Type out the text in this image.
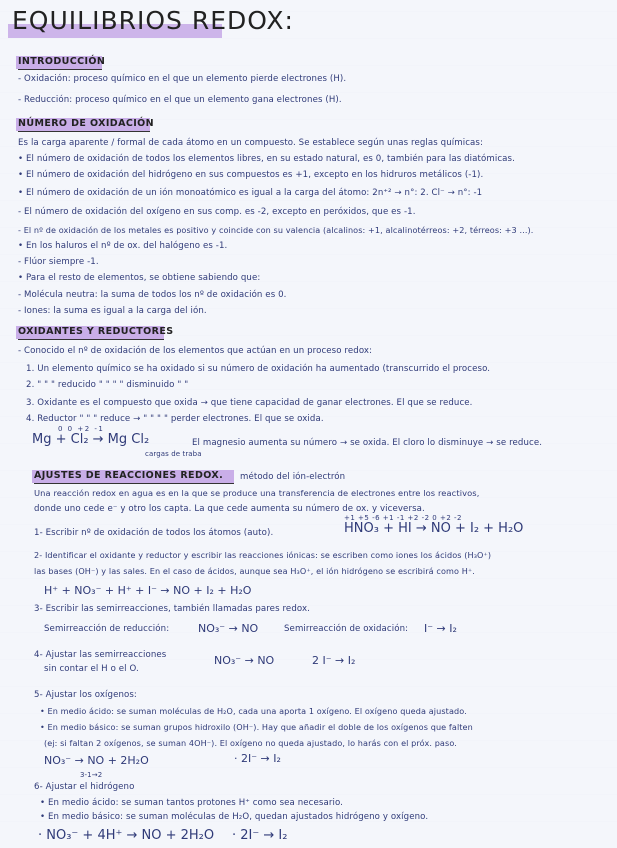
EQUILIBRIOS REDOX:
INTRODUCCIÓN
- Oxidación: proceso químico en el que un elemento pierde electrones (H).
- Reducción: proceso químico en el que un elemento gana electrones (H).
NÚMERO DE OXIDACIÓN
Es la carga aparente / formal de cada átomo en un compuesto. Se establece según unas reglas químicas:
• El número de oxidación de todos los elementos libres, en su estado natural, es 0, también para las diatómicas.
• El número de oxidación del hidrógeno en sus compuestos es +1, excepto en los hidruros metálicos (-1).
• El número de oxidación de un ión monoatómico es igual a la carga del átomo: 2n⁺² → n°: 2. Cl⁻ → n°: -1
- El número de oxidación del oxígeno en sus comp. es -2, excepto en peróxidos, que es -1.
- El nº de oxidación de los metales es positivo y coincide con su valencia (alcalinos: +1, alcalinotérreos: +2, térreos: +3 ...).
• En los haluros el nº de ox. del halógeno es -1.
- Flúor siempre -1.
• Para el resto de elementos, se obtiene sabiendo que:
- Molécula neutra: la suma de todos los nº de oxidación es 0.
- Iones: la suma es igual a la carga del ión.
OXIDANTES Y REDUCTORES
- Conocido el nº de oxidación de los elementos que actúan en un proceso redox:
1. Un elemento químico se ha oxidado si su número de oxidación ha aumentado (transcurrido el proceso.
2. " " " reducido " " " " disminuido " "
3. Oxidante es el compuesto que oxida → que tiene capacidad de ganar electrones. El que se reduce.
4. Reductor " " " reduce → " " " " perder electrones. El que se oxida.
0 0 +2 -1
Mg + Cl₂ → Mg Cl₂	El magnesio aumenta su número → se oxida. El cloro lo disminuye → se reduce.
cargas de traba
AJUSTES DE REACCIONES REDOX. método del ión-electrón
Una reacción redox en agua es en la que se produce una transferencia de electrones entre los reactivos,
donde uno cede e⁻ y otro los capta. La que cede aumenta su número de ox. y viceversa.
+1 +5 -6 +1 -1 +2 -2 0 +2 -2
1- Escribir nº de oxidación de todos los átomos (auto).	HNO₃ + HI → NO + I₂ + H₂O
2- Identificar el oxidante y reductor y escribir las reacciones iónicas: se escriben como iones los ácidos (H₃O⁺)
las bases (OH⁻) y las sales. En el caso de ácidos, aunque sea H₃O⁺, el ión hidrógeno se escribirá como H⁺.
H⁺ + NO₃⁻ + H⁺ + I⁻ → NO + I₂ + H₂O
3- Escribir las semirreacciones, también llamadas pares redox.
Semirreacción de reducción:	NO₃⁻ → NO	Semirreacción de oxidación: I⁻ → I₂
4- Ajustar las semirreacciones
sin contar el H o el O.
NO₃⁻ → NO	2 I⁻ → I₂
5- Ajustar los oxígenos:
• En medio ácido: se suman moléculas de H₂O, cada una aporta 1 oxígeno. El oxígeno queda ajustado.
• En medio básico: se suman grupos hidroxilo (OH⁻). Hay que añadir el doble de los oxígenos que falten
(ej: si faltan 2 oxígenos, se suman 4OH⁻). El oxígeno no queda ajustado, lo harás con el próx. paso.
NO₃⁻ → NO + 2H₂O
3-1→2
· 2I⁻ → I₂
6- Ajustar el hidrógeno
• En medio ácido: se suman tantos protones H⁺ como sea necesario.
• En medio básico: se suman moléculas de H₂O, quedan ajustados hidrógeno y oxígeno.
· NO₃⁻ + 4H⁺ → NO + 2H₂O · 2I⁻ → I₂
